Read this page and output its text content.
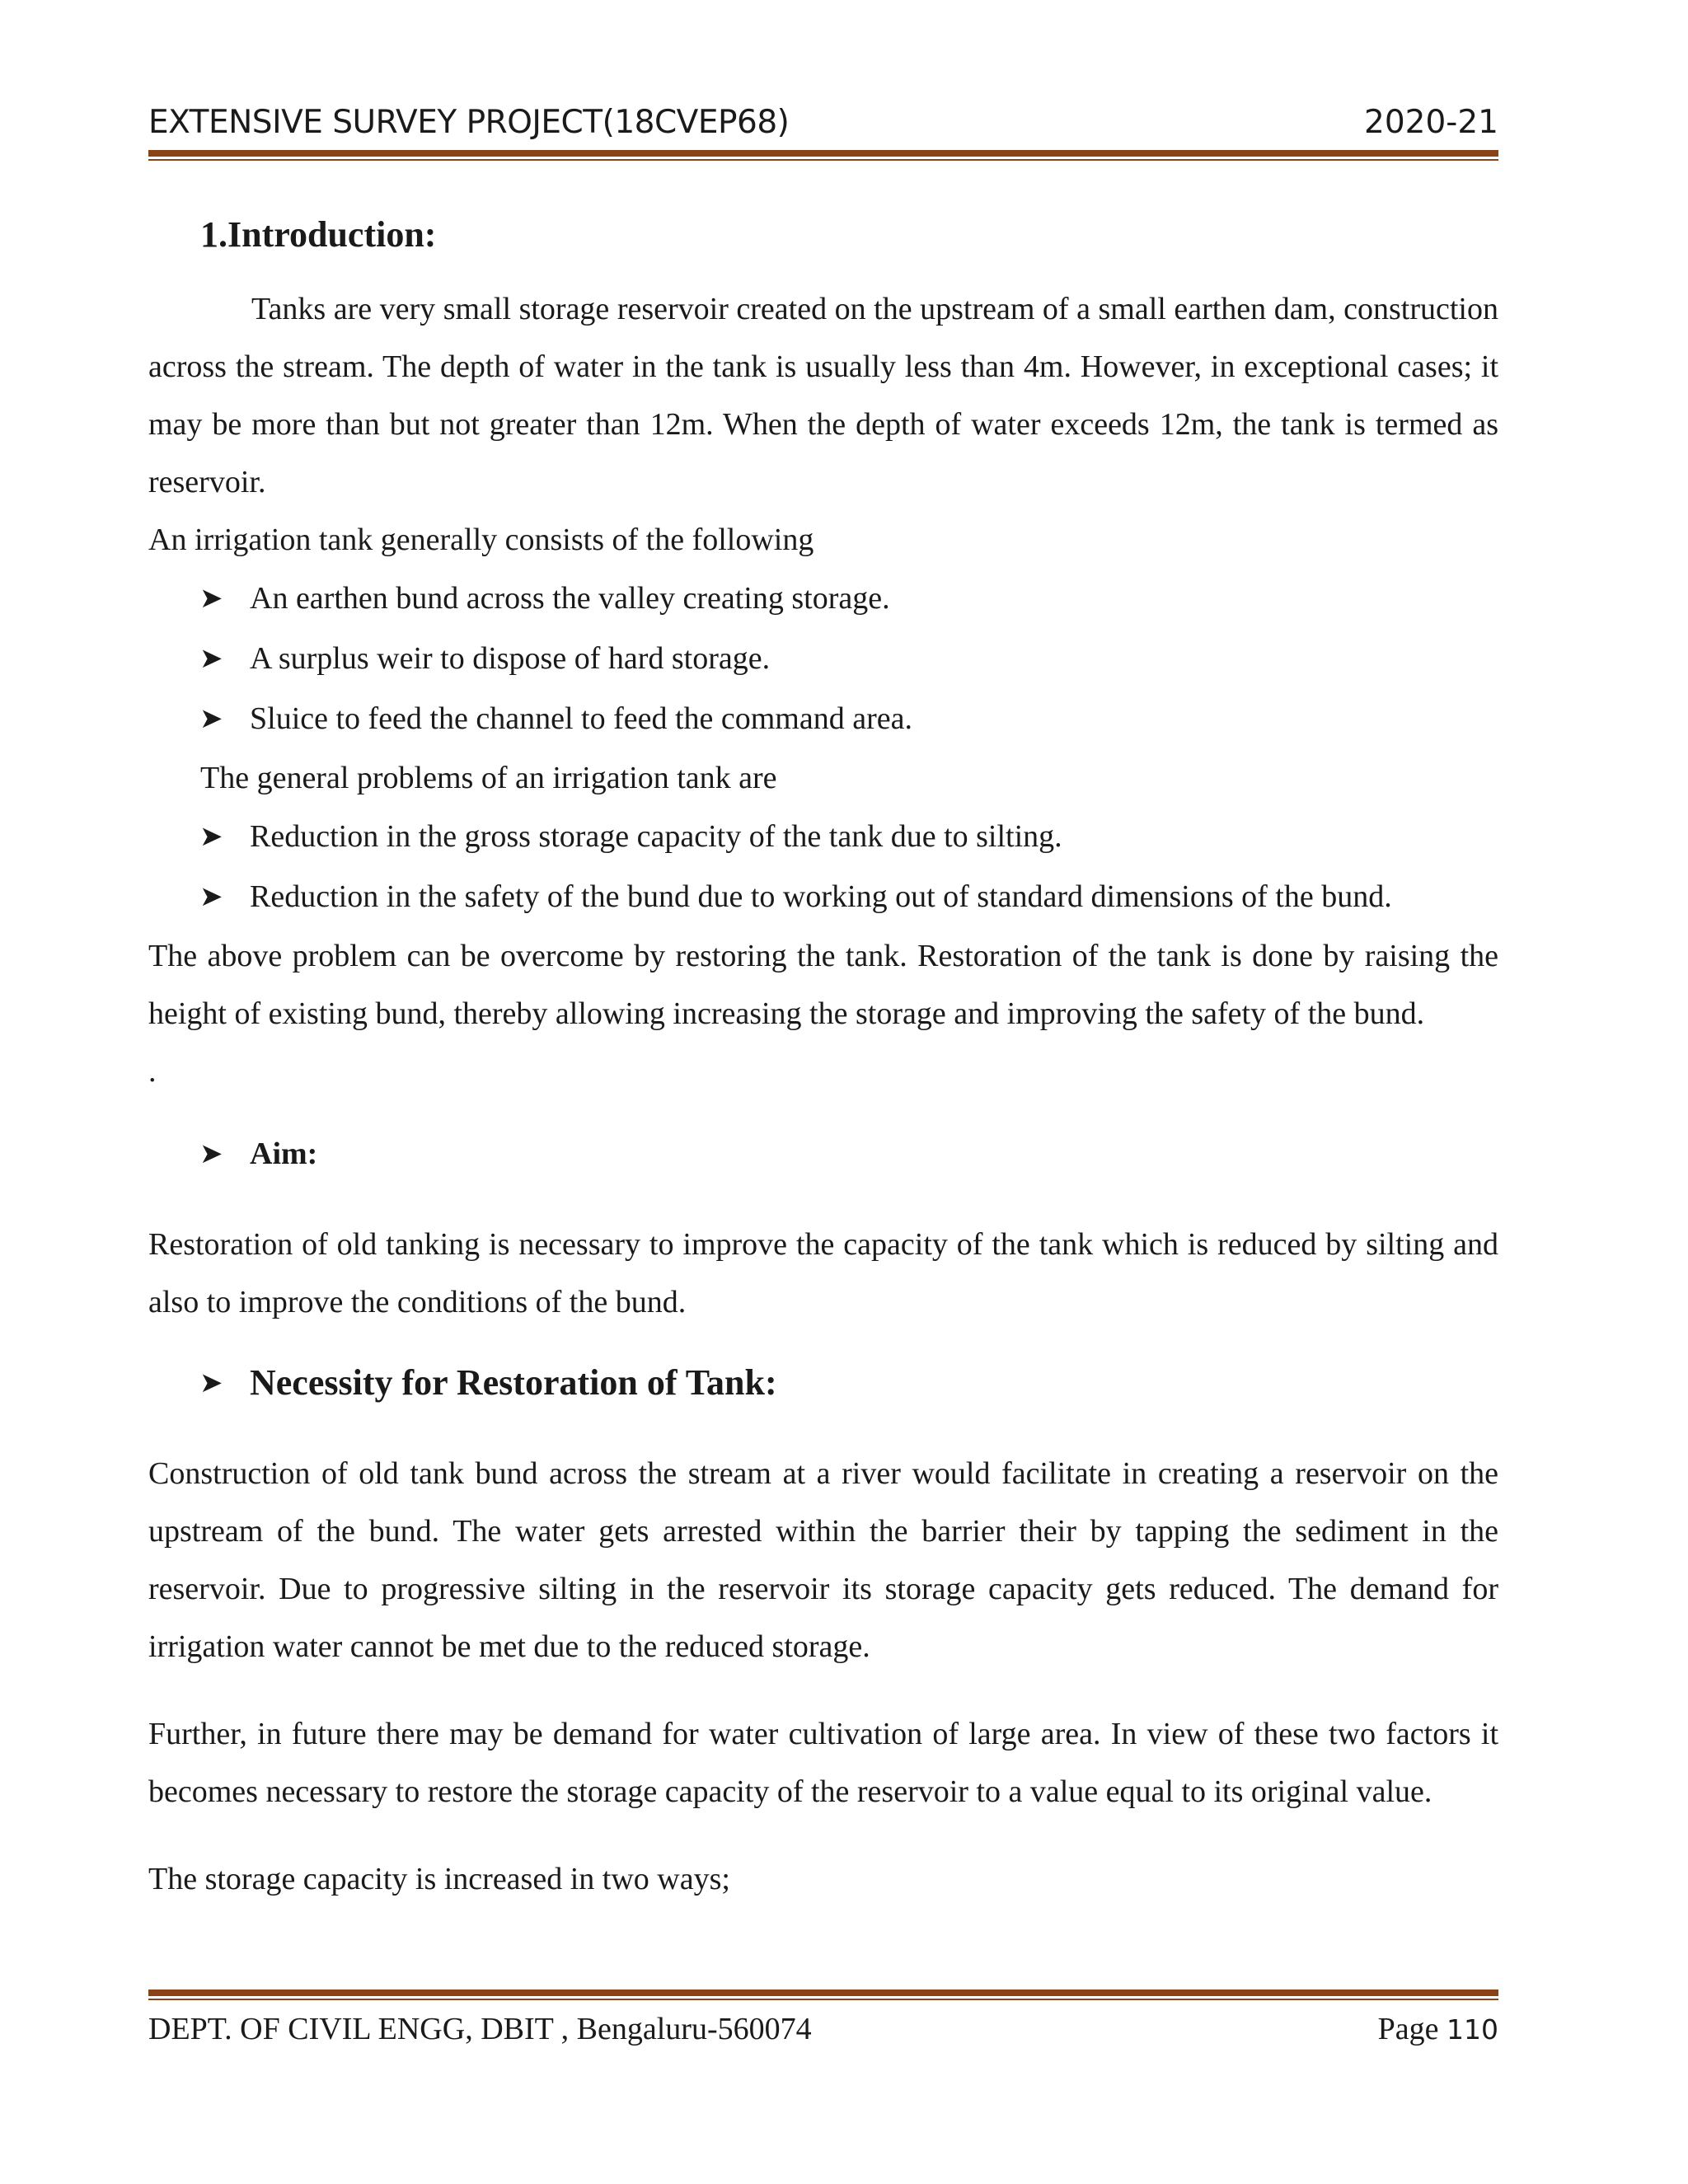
EXTENSIVE SURVEY PROJECT(18CVEP68)	2020-21
1.Introduction:

Tanks are very small storage reservoir created on the upstream of a small earthen dam, construction across the stream. The depth of water in the tank is usually less than 4m. However, in exceptional cases; it may be more than but not greater than 12m. When the depth of water exceeds 12m, the tank is termed as reservoir.

An irrigation tank generally consists of the following

➤ An earthen bund across the valley creating storage.
➤ A surplus weir to dispose of hard storage.
➤ Sluice to feed the channel to feed the command area.

The general problems of an irrigation tank are

➤ Reduction in the gross storage capacity of the tank due to silting.
➤ Reduction in the safety of the bund due to working out of standard dimensions of the bund.

The above problem can be overcome by restoring the tank. Restoration of the tank is done by raising the height of existing bund, thereby allowing increasing the storage and improving the safety of the bund.

.

➤ Aim:

Restoration of old tanking is necessary to improve the capacity of the tank which is reduced by silting and also to improve the conditions of the bund.

➤ Necessity for Restoration of Tank:

Construction of old tank bund across the stream at a river would facilitate in creating a reservoir on the upstream of the bund. The water gets arrested within the barrier their by tapping the sediment in the reservoir. Due to progressive silting in the reservoir its storage capacity gets reduced. The demand for irrigation water cannot be met due to the reduced storage.

Further, in future there may be demand for water cultivation of large area. In view of these two factors it becomes necessary to restore the storage capacity of the reservoir to a value equal to its original value.

The storage capacity is increased in two ways;

DEPT. OF CIVIL ENGG, DBIT , Bengaluru-560074	Page 110
